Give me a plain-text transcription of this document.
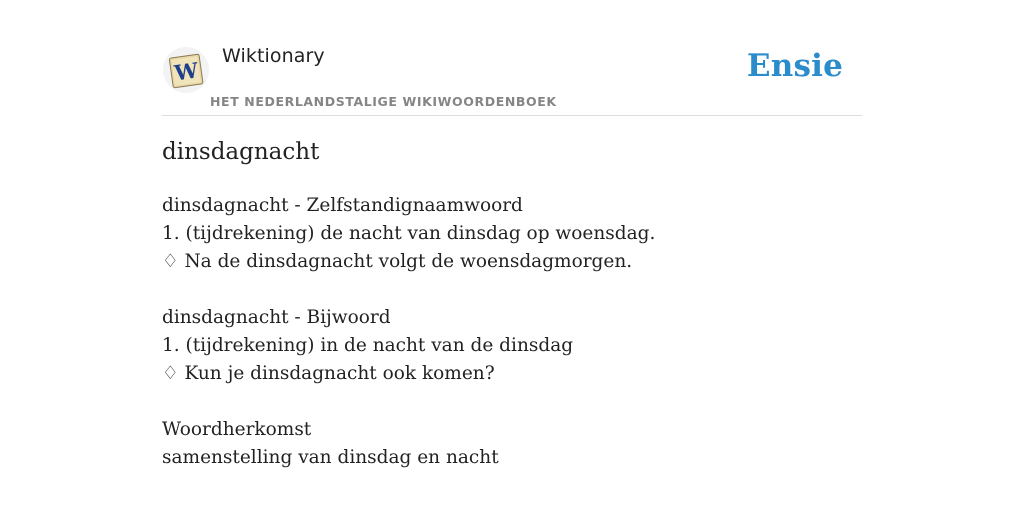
W
Wiktionary
HET NEDERLANDSTALIGE WIKIWOORDENBOEK
Ensie
dinsdagnacht
dinsdagnacht - Zelfstandignaamwoord
1. (tijdrekening) de nacht van dinsdag op woensdag.
♢ Na de dinsdagnacht volgt de woensdagmorgen.
dinsdagnacht - Bijwoord
1. (tijdrekening) in de nacht van de dinsdag
♢ Kun je dinsdagnacht ook komen?
Woordherkomst
samenstelling van dinsdag en nacht
